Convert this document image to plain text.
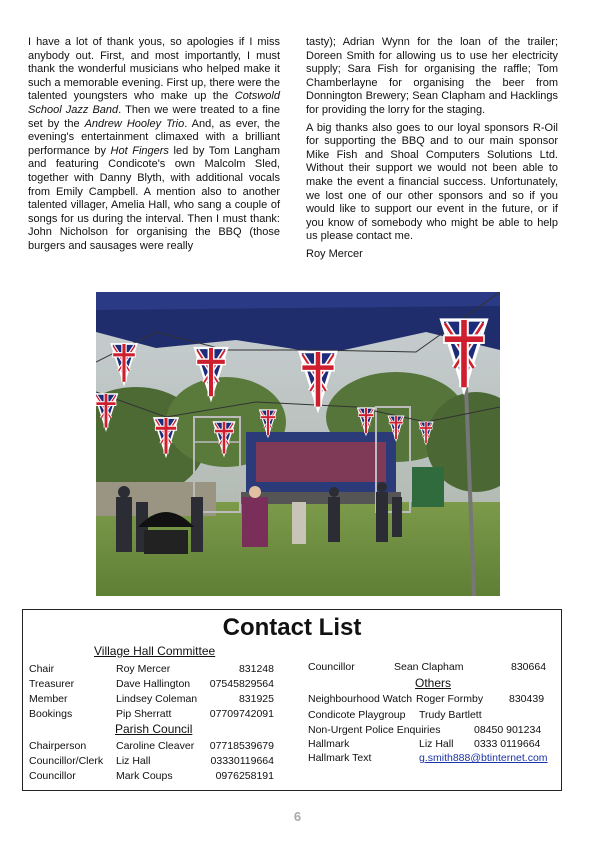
I have a lot of thank yous, so apologies if I miss anybody out. First, and most importantly, I must thank the wonderful musicians who helped make it such a memorable evening. First up, there were the talented youngsters who make up the Cotswold School Jazz Band. Then we were treated to a fine set by the Andrew Hooley Trio. And, as ever, the evening's entertainment climaxed with a brilliant performance by Hot Fingers led by Tom Langham and featuring Condicote's own Malcolm Sled, together with Danny Blyth, with additional vocals from Emily Campbell. A mention also to another talented villager, Amelia Hall, who sang a couple of songs for us during the interval. Then I must thank: John Nicholson for organising the BBQ (those burgers and sausages were really

tasty); Adrian Wynn for the loan of the trailer; Doreen Smith for allowing us to use her electricity supply; Sara Fish for organising the raffle; Tom Chamberlayne for organising the beer from Donnington Brewery; Sean Clapham and Hacklings for providing the lorry for the staging.

A big thanks also goes to our loyal sponsors R-Oil for supporting the BBQ and to our main sponsor Mike Fish and Shoal Computers Solutions Ltd. Without their support we would not been able to make the event a financial success. Unfortunately, we lost one of our other sponsors and so if you would like to support our event in the future, or if you know of somebody who might be able to help us please contact me.

Roy Mercer

Contact List
Village Hall Committee
Chair	Roy Mercer	831248
Treasurer	Dave Hallington 07545829564
Member	Lindsey Coleman	831925
Bookings	Pip Sherratt	07709742091
Parish Council
Chairperson	Caroline Cleaver 07718539679
Councillor/Clerk Liz Hall	03330119664
Councillor	Mark Coups	0976258191
Councillor	Sean Clapham	830664
Others
Neighbourhood Watch Roger Formby 830439
Condicote Playgroup Trudy Bartlett
Non-Urgent Police Enquiries	08450 901234
Hallmark	Liz Hall 0333 0119664
Hallmark Text	g.smith888@btinternet.com
6
